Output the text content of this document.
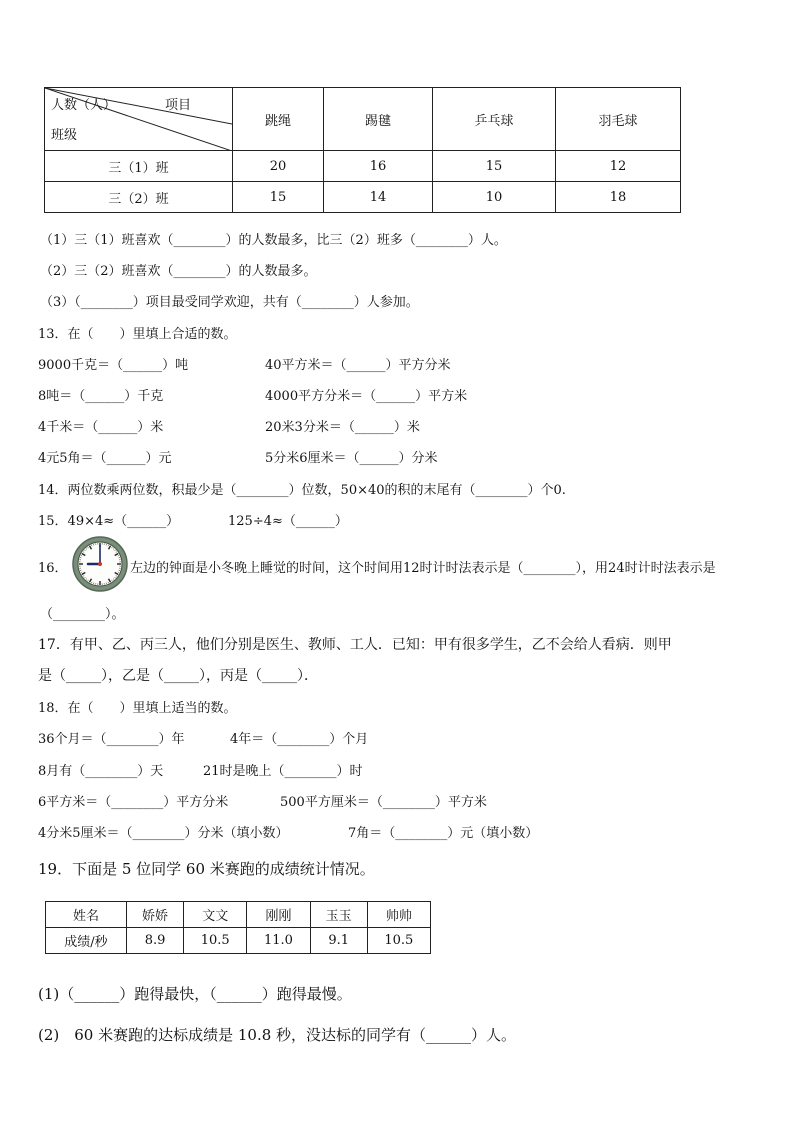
人数（人） 项目
班级	跳绳	踢毽	乒乓球	羽毛球
三（1）班	20	16	15	12
三（2）班	15	14	10	18
（1）三（1）班喜欢（________）的人数最多，比三（2）班多（________）人。
（2）三（2）班喜欢（________）的人数最多。
（3）（________）项目最受同学欢迎，共有（________）人参加。
13．在（　　）里填上合适的数。
9000千克＝（______）吨	40平方米＝（______）平方分米
8吨＝（______）千克	4000平方分米＝（______）平方米
4千米＝（______）米	20米3分米＝（______）米
4元5角＝（______）元	5分米6厘米＝（______）分米
14．两位数乘两位数，积最少是（________）位数，50×40的积的末尾有（________）个0.
15．49×4≈（______）	125÷4≈（______）
16．	左边的钟面是小冬晚上睡觉的时间，这个时间用12时计时法表示是（________），用24时计时法表示是
（________）。
17．有甲、乙、丙三人，他们分别是医生、教师、工人．已知：甲有很多学生，乙不会给人看病．则甲
是（_____），乙是（_____），丙是（_____）．
18．在（　　）里填上适当的数。
36个月＝（________）年	4年＝（________）个月
8月有（________）天	21时是晚上（________）时
6平方米＝（________）平方分米	500平方厘米＝（________）平方米
4分米5厘米＝（________）分米（填小数）	7角＝（________）元（填小数）
19．下面是 5 位同学 60 米赛跑的成绩统计情况。
姓名	娇娇	文文	刚刚	玉玉	帅帅
成绩/秒	8.9	10.5	11.0	9.1	10.5
(1)（______）跑得最快，（______）跑得最慢。
(2)　60 米赛跑的达标成绩是 10.8 秒，没达标的同学有（______）人。
